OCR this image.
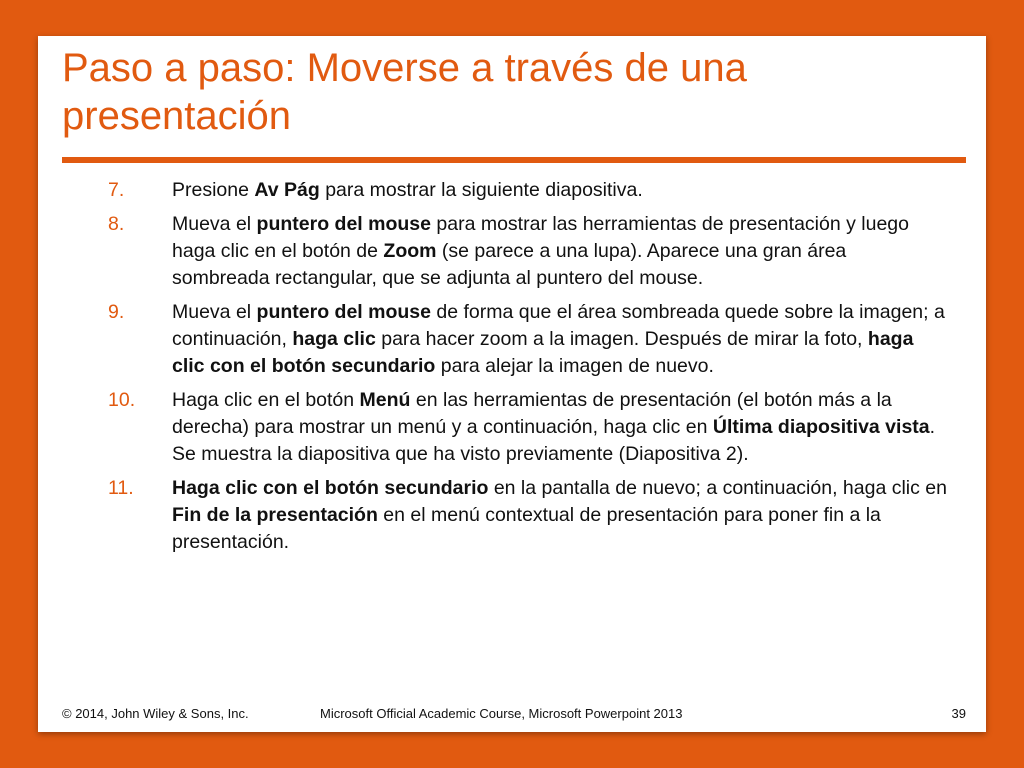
Paso a paso: Moverse a través de una presentación
7. Presione Av Pág para mostrar la siguiente diapositiva.
8. Mueva el puntero del mouse para mostrar las herramientas de presentación y luego haga clic en el botón de Zoom (se parece a una lupa). Aparece una gran área sombreada rectangular, que se adjunta al puntero del mouse.
9. Mueva el puntero del mouse de forma que el área sombreada quede sobre la imagen; a continuación, haga clic para hacer zoom a la imagen. Después de mirar la foto, haga clic con el botón secundario para alejar la imagen de nuevo.
10. Haga clic en el botón Menú en las herramientas de presentación (el botón más a la derecha) para mostrar un menú y a continuación, haga clic en Última diapositiva vista. Se muestra la diapositiva que ha visto previamente (Diapositiva 2).
11. Haga clic con el botón secundario en la pantalla de nuevo; a continuación, haga clic en Fin de la presentación en el menú contextual de presentación para poner fin a la presentación.
© 2014, John Wiley & Sons, Inc.	Microsoft Official Academic Course, Microsoft Powerpoint 2013	39
